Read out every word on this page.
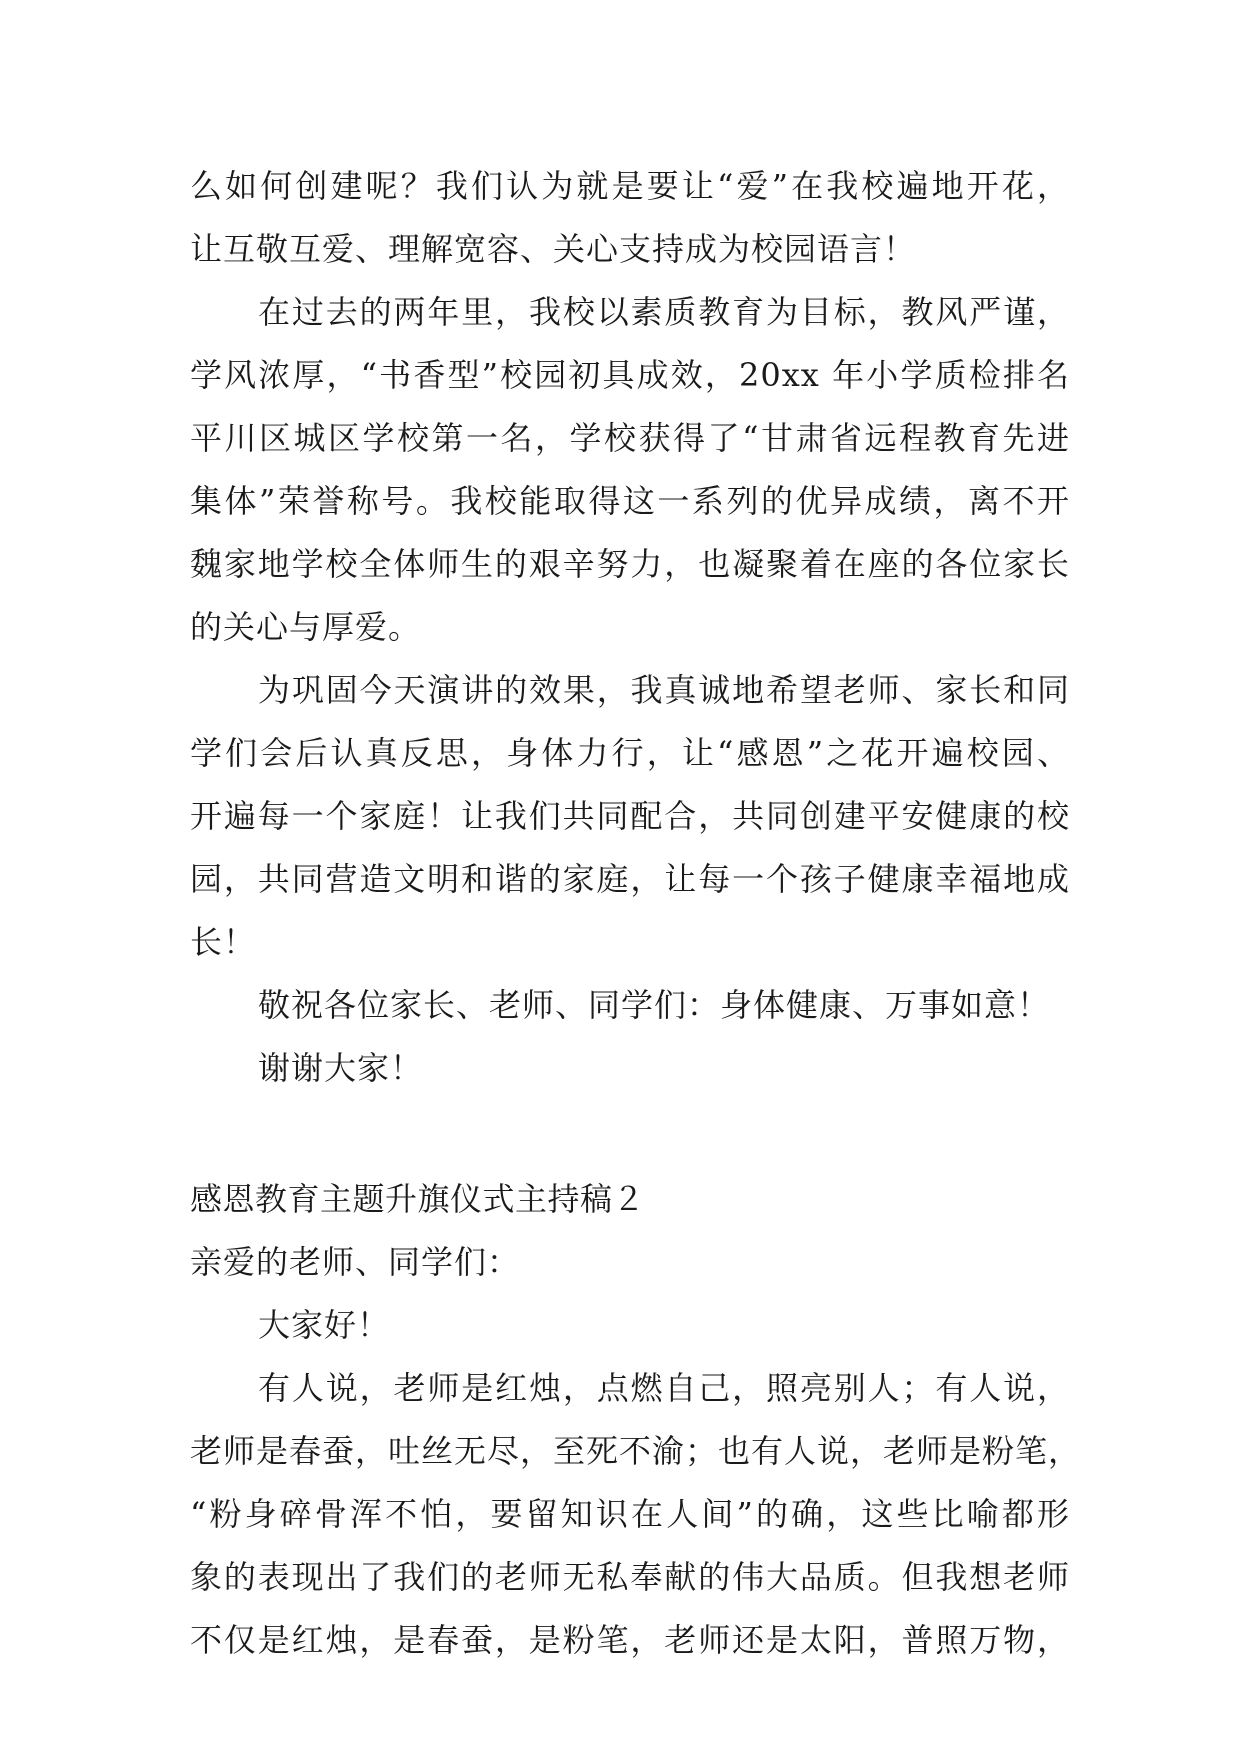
么如何创建呢？我们认为就是要让“爱”在我校遍地开花，
让互敬互爱、理解宽容、关心支持成为校园语言！
在过去的两年里，我校以素质教育为目标，教风严谨，
学风浓厚，“书香型”校园初具成效，20xx 年小学质检排名
平川区城区学校第一名，学校获得了“甘肃省远程教育先进
集体”荣誉称号。我校能取得这一系列的优异成绩，离不开
魏家地学校全体师生的艰辛努力，也凝聚着在座的各位家长
的关心与厚爱。
为巩固今天演讲的效果，我真诚地希望老师、家长和同
学们会后认真反思，身体力行，让“感恩”之花开遍校园、
开遍每一个家庭！让我们共同配合，共同创建平安健康的校
园，共同营造文明和谐的家庭，让每一个孩子健康幸福地成
长！
敬祝各位家长、老师、同学们：身体健康、万事如意！
谢谢大家！
感恩教育主题升旗仪式主持稿２
亲爱的老师、同学们：
大家好！
有人说，老师是红烛，点燃自己，照亮别人；有人说，
老师是春蚕，吐丝无尽，至死不渝；也有人说，老师是粉笔，
“粉身碎骨浑不怕，要留知识在人间”的确，这些比喻都形
象的表现出了我们的老师无私奉献的伟大品质。但我想老师
不仅是红烛，是春蚕，是粉笔，老师还是太阳，普照万物，
